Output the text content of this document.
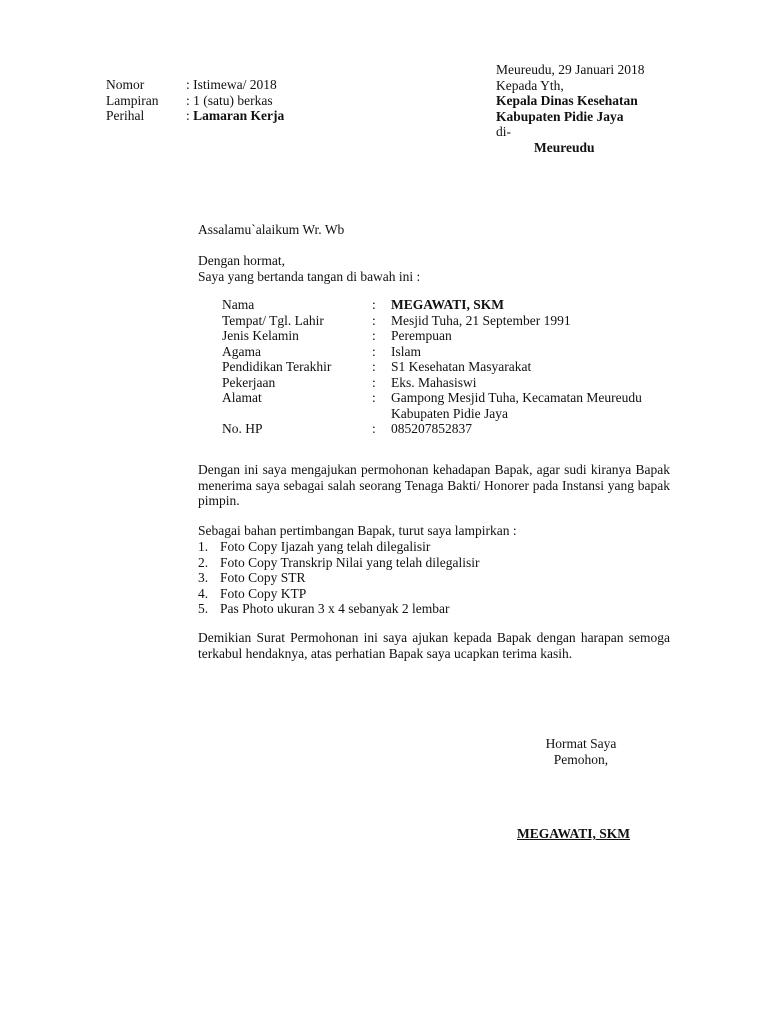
Nomor	: Istimewa/ 2018
Lampiran	: 1 (satu) berkas
Perihal	: Lamaran Kerja
Meureudu, 29 Januari 2018
Kepada Yth,
Kepala Dinas Kesehatan
Kabupaten Pidie Jaya
di-
Meureudu
Assalamu`alaikum Wr. Wb
Dengan hormat,
Saya yang bertanda tangan di bawah ini :
Nama	:	MEGAWATI, SKM
Tempat/ Tgl. Lahir	:	Mesjid Tuha, 21 September 1991
Jenis Kelamin	:	Perempuan
Agama	:	Islam
Pendidikan Terakhir	:	S1 Kesehatan Masyarakat
Pekerjaan	:	Eks. Mahasiswi
Alamat	:	Gampong Mesjid Tuha, Kecamatan Meureudu
Kabupaten Pidie Jaya
No. HP	:	085207852837
Dengan ini saya mengajukan permohonan kehadapan Bapak, agar sudi kiranya Bapak menerima saya sebagai salah seorang Tenaga Bakti/ Honorer pada Instansi yang bapak pimpin.
Sebagai bahan pertimbangan Bapak, turut saya lampirkan :
1. Foto Copy Ijazah yang telah dilegalisir
2. Foto Copy Transkrip Nilai yang telah dilegalisir
3. Foto Copy STR
4. Foto Copy KTP
5. Pas Photo ukuran 3 x 4 sebanyak 2 lembar
Demikian Surat Permohonan ini saya ajukan kepada Bapak dengan harapan semoga terkabul hendaknya, atas perhatian Bapak saya ucapkan terima kasih.
Hormat Saya
Pemohon,
MEGAWATI, SKM
